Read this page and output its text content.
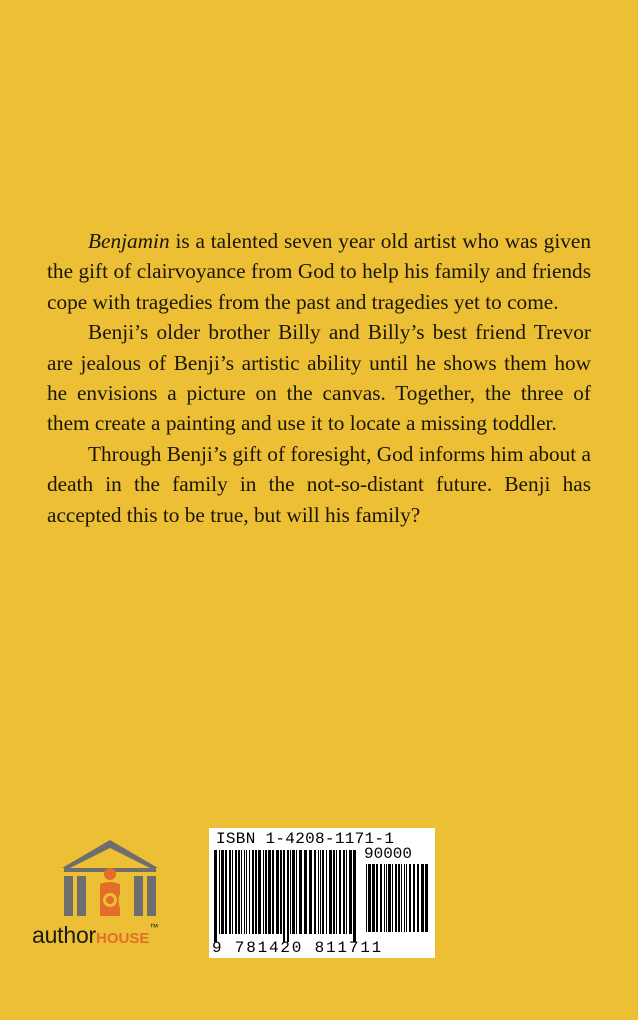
Benjamin is a talented seven year old artist who was given the gift of clairvoyance from God to help his family and friends cope with tragedies from the past and tragedies yet to come.

Benji’s older brother Billy and Billy’s best friend Trevor are jealous of Benji’s artistic ability until he shows them how he envisions a picture on the canvas. Together, the three of them create a painting and use it to locate a missing toddler.

Through Benji’s gift of foresight, God informs him about a death in the family in the not-so-distant future. Benji has accepted this to be true, but will his family?

authorHOUSE™
ISBN 1-4208-1171-1
90000
9 781420 811711
